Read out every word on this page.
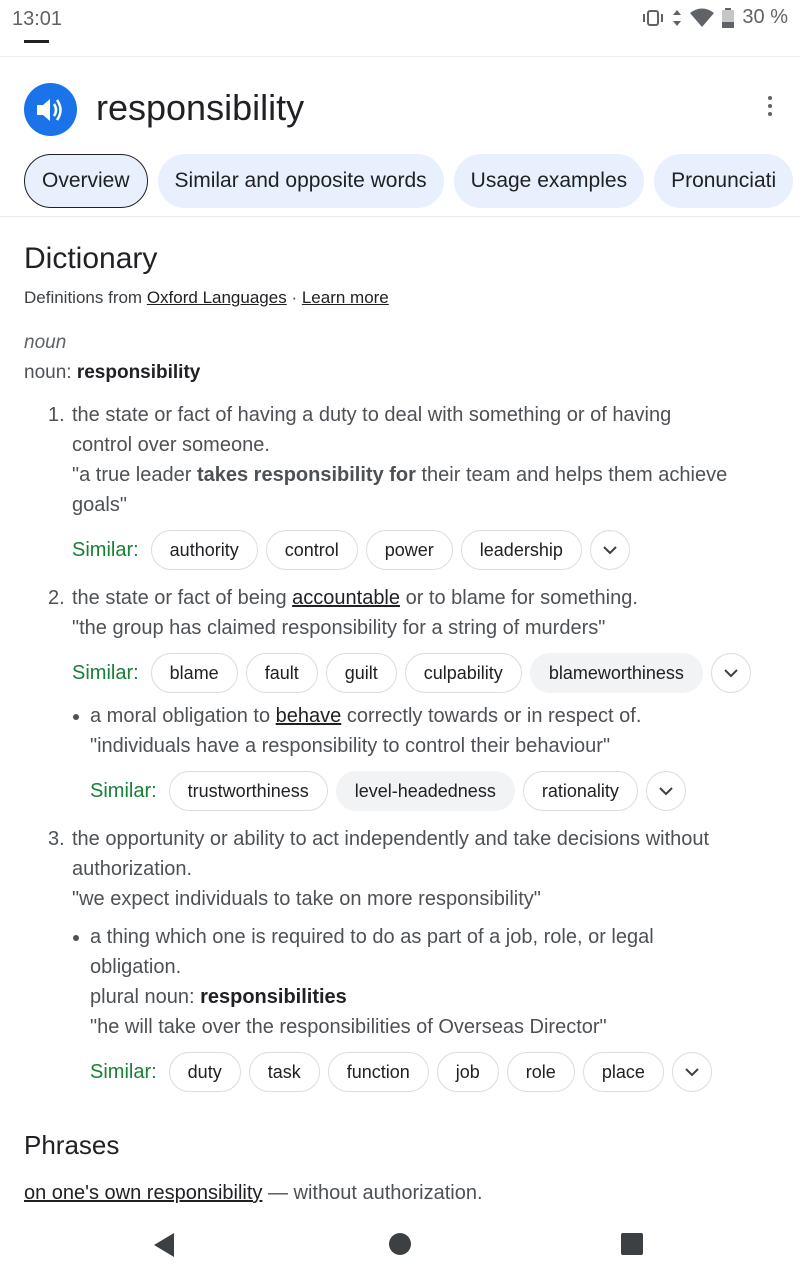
13:01	30 %
responsibility
Overview	Similar and opposite words	Usage examples	Pronunciati
Dictionary
Definitions from Oxford Languages · Learn more
noun
noun: responsibility
1. the state or fact of having a duty to deal with something or of having
control over someone.
"a true leader takes responsibility for their team and helps them achieve
goals"
Similar:	authority	control	power	leadership
2. the state or fact of being accountable or to blame for something.
"the group has claimed responsibility for a string of murders"
Similar:	blame	fault	guilt	culpability	blameworthiness
a moral obligation to behave correctly towards or in respect of.
"individuals have a responsibility to control their behaviour"
Similar:	trustworthiness	level-headedness	rationality
3. the opportunity or ability to act independently and take decisions without
authorization.
"we expect individuals to take on more responsibility"
a thing which one is required to do as part of a job, role, or legal
obligation.
plural noun: responsibilities
"he will take over the responsibilities of Overseas Director"
Similar:	duty	task	function	job	role	place
Phrases
on one's own responsibility — without authorization.
